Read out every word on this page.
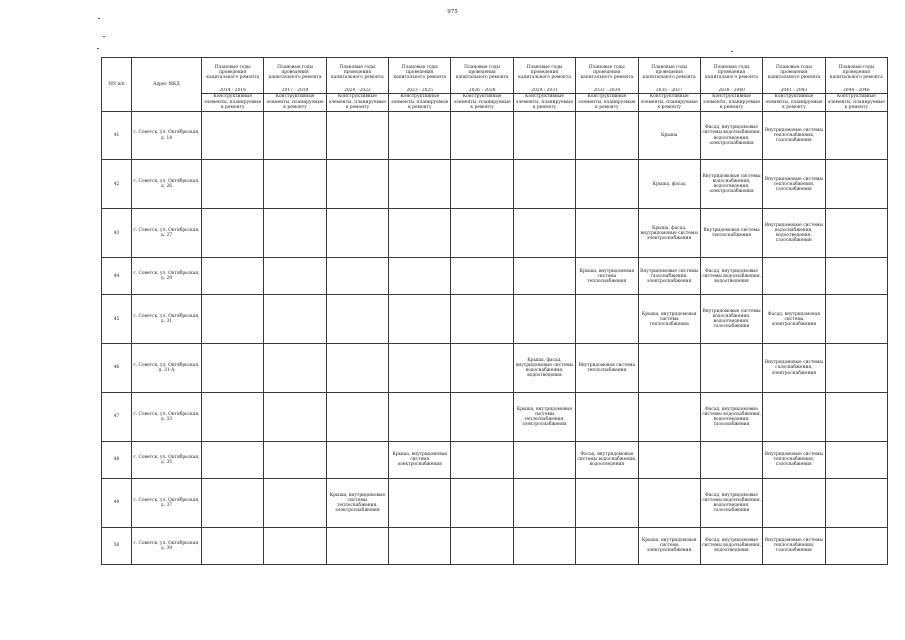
975
NN п/п	Адрес МКД	Плановые годы проведения капитального ремонта	Плановые годы проведения капитального ремонта	Плановые годы проведения капитального ремонта	Плановые годы проведения капитального ремонта	Плановые годы проведения капитального ремонта	Плановые годы проведения капитального ремонта	Плановые годы проведения капитального ремонта	Плановые годы проведения капитального ремонта	Плановые годы проведения капитального ремонта	Плановые годы проведения капитального ремонта	Плановые годы проведения капитального ремонта
		2014 - 2016	2017 - 2019	2020 - 2022	2023 - 2025	2026 - 2028	2029 - 2031	2032 - 2034	2035 - 2037	2038 - 2040	2041 - 2043	2044 - 2046
		Конструктивные элементы, планируемые к ремонту	Конструктивные элементы, планируемые к ремонту	Конструктивные элементы, планируемые к ремонту	Конструктивные элементы, планируемые к ремонту	Конструктивные элементы, планируемые к ремонту	Конструктивные элементы, планируемые к ремонту	Конструктивные элементы, планируемые к ремонту	Конструктивные элементы, планируемые к ремонту	Конструктивные элементы, планируемые к ремонту	Конструктивные элементы, планируемые к ремонту	Конструктивные элементы, планируемые к ремонту
41	г. Советск, ул. Октябрьская, д. 14								Крыша	Фасад, внутридомовые системы водоснабжения, водоотведения, электроснабжения	Внутридомовые системы теплоснабжения, газоснабжения	
42	г. Советск, ул. Октябрьская, д. 26								Крыша, фасад	Внутридомовые системы водоснабжения, водоотведения, электроснабжения	Внутридомовые системы теплоснабжения, газоснабжения	
43	г. Советск, ул. Октябрьская, д. 27								Крыша, фасад, внутридомовые системы электроснабжения	Внутридомовая система теплоснабжения	Внутридомовые системы водоснабжения, водоотведения, газоснабжения	
44	г. Советск, ул. Октябрьская, д. 29							Крыша, внутридомовая система теплоснабжения	Внутридомовые системы газоснабжения, электроснабжения	Фасад, внутридомовые системы водоснабжения, водоотведения		
45	г. Советск, ул. Октябрьская, д. 31								Крыша, внутридомовая система теплоснабжения	Внутридомовые системы водоснабжения, водоотведения, газоснабжения	Фасад, внутридомовая система электроснабжения	
46	г. Советск, ул. Октябрьская, д. 31-А						Крыша, фасад, внутридомовые системы водоснабжения, водоотведения	Внутридомовая система теплоснабжения			Внутридомовые системы газоснабжения, электроснабжения	
47	г. Советск, ул. Октябрьская, д. 33						Крыша, внутридомовые системы теплоснабжения, электроснабжения			Фасад, внутридомовые системы водоснабжения, водоотведения, газоснабжения		
48	г. Советск, ул. Октябрьская, д. 35				Крыша, внутридомовая система электроснабжения			Фасад, внутридомовые системы водоснабжения, водоотведения			Внутридомовые системы теплоснабжения, газоснабжения	
49	г. Советск, ул. Октябрьская, д. 37			Крыша, внутридомовые системы теплоснабжения, электроснабжения						Фасад, внутридомовые системы водоснабжения, водоотведения, газоснабжения		
50	г. Советск, ул. Октябрьская, д. 39								Крыша, внутридомовая система электроснабжения	Фасад, внутридомовые системы водоснабжения, водоотведения	Внутридомовые системы теплоснабжения, газоснабжения	
